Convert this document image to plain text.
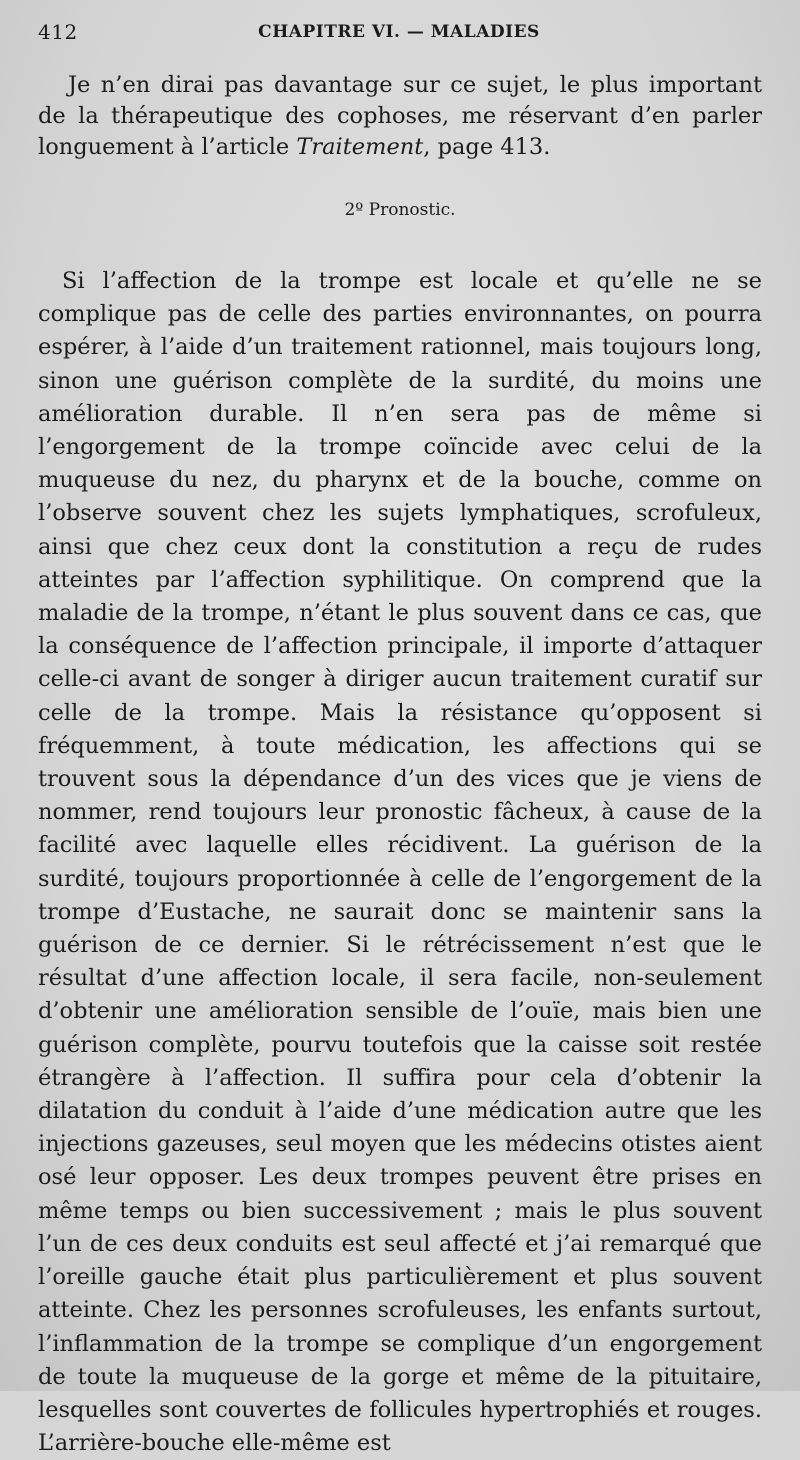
412	CHAPITRE VI. — MALADIES

Je n’en dirai pas davantage sur ce sujet, le plus important de la thérapeutique des cophoses, me réservant d’en parler longuement à l’article Traitement, page 413.

2º Pronostic.

Si l’affection de la trompe est locale et qu’elle ne se complique pas de celle des parties environnantes, on pourra espérer, à l’aide d’un traitement rationnel, mais toujours long, sinon une guérison complète de la surdité, du moins une amélioration durable. Il n’en sera pas de même si l’engorgement de la trompe coïncide avec celui de la muqueuse du nez, du pharynx et de la bouche, comme on l’observe souvent chez les sujets lymphatiques, scrofuleux, ainsi que chez ceux dont la constitution a reçu de rudes atteintes par l’affection syphilitique. On comprend que la maladie de la trompe, n’étant le plus souvent dans ce cas, que la conséquence de l’affection principale, il importe d’attaquer celle-ci avant de songer à diriger aucun traitement curatif sur celle de la trompe. Mais la résistance qu’opposent si fréquemment, à toute médication, les affections qui se trouvent sous la dépendance d’un des vices que je viens de nommer, rend toujours leur pronostic fâcheux, à cause de la facilité avec laquelle elles récidivent. La guérison de la surdité, toujours proportionnée à celle de l’engorgement de la trompe d’Eustache, ne saurait donc se maintenir sans la guérison de ce dernier. Si le rétrécissement n’est que le résultat d’une affection locale, il sera facile, non-seulement d’obtenir une amélioration sensible de l’ouïe, mais bien une guérison complète, pourvu toutefois que la caisse soit restée étrangère à l’affection. Il suffira pour cela d’obtenir la dilatation du conduit à l’aide d’une médication autre que les injections gazeuses, seul moyen que les médecins otistes aient osé leur opposer. Les deux trompes peuvent être prises en même temps ou bien successivement ; mais le plus souvent l’un de ces deux conduits est seul affecté et j’ai remarqué que l’oreille gauche était plus particulièrement et plus souvent atteinte. Chez les personnes scrofuleuses, les enfants surtout, l’inflammation de la trompe se complique d’un engorgement de toute la muqueuse de la gorge et même de la pituitaire, lesquelles sont couvertes de follicules hypertrophiés et rouges. L’arrière-bouche elle-même est
